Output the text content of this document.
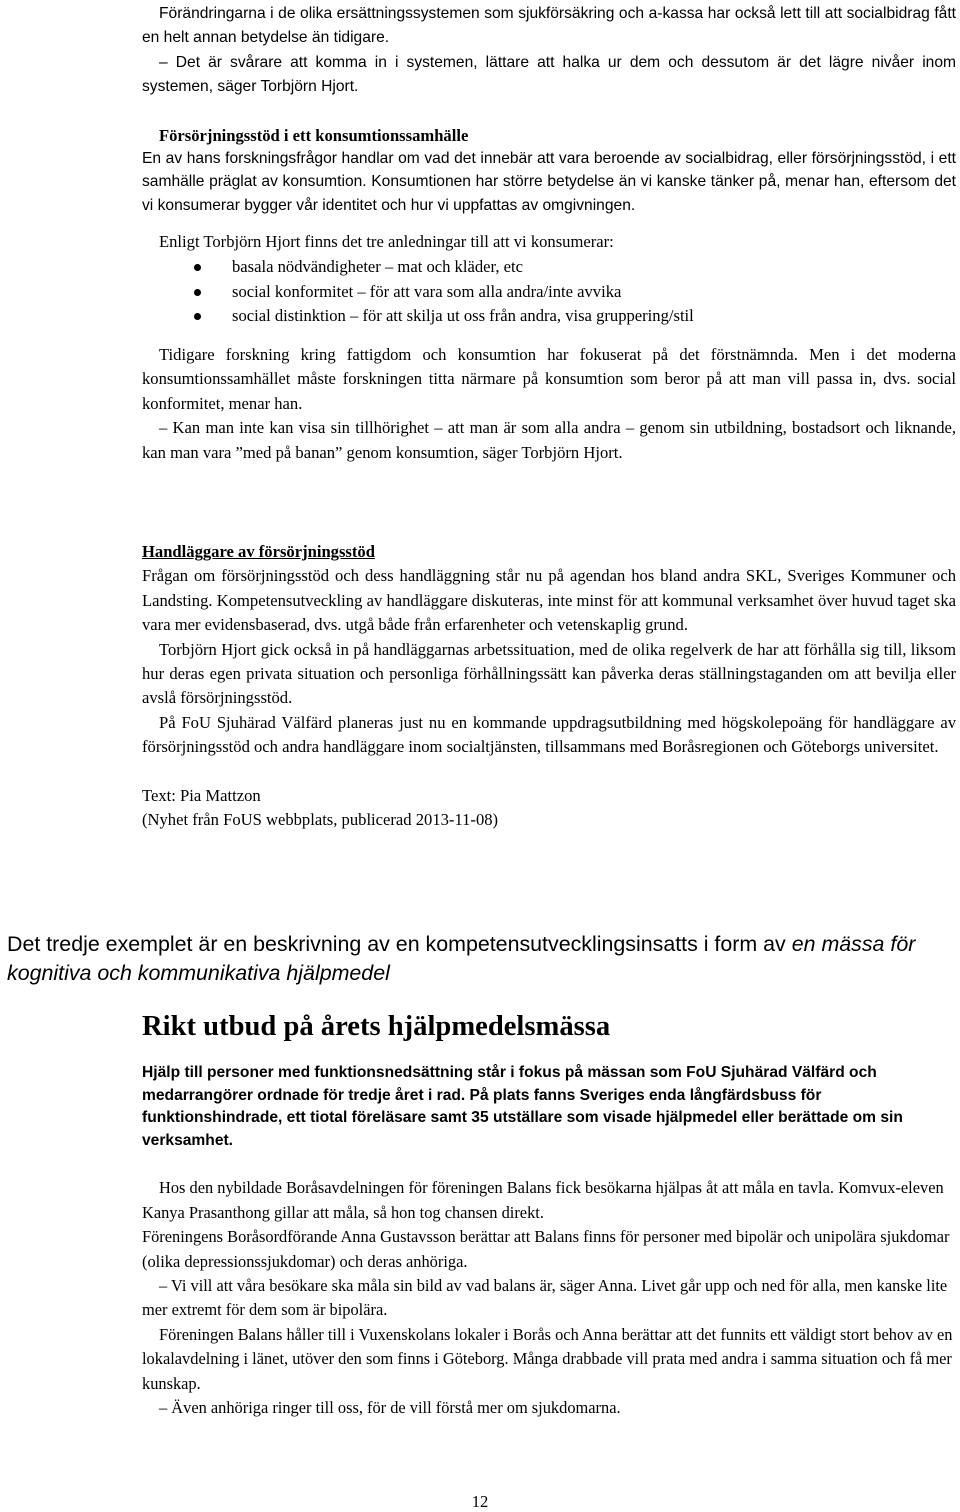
Förändringarna i de olika ersättningssystemen som sjukförsäkring och a-kassa har också lett till att socialbidrag fått en helt annan betydelse än tidigare.

– Det är svårare att komma in i systemen, lättare att halka ur dem och dessutom är det lägre nivåer inom systemen, säger Torbjörn Hjort.

Försörjningsstöd i ett konsumtionssamhälle

En av hans forskningsfrågor handlar om vad det innebär att vara beroende av socialbidrag, eller försörjningsstöd, i ett samhälle präglat av konsumtion. Konsumtionen har större betydelse än vi kanske tänker på, menar han, eftersom det vi konsumerar bygger vår identitet och hur vi uppfattas av omgivningen.

Enligt Torbjörn Hjort finns det tre anledningar till att vi konsumerar:

basala nödvändigheter – mat och kläder, etc
social konformitet – för att vara som alla andra/inte avvika
social distinktion – för att skilja ut oss från andra, visa gruppering/stil

Tidigare forskning kring fattigdom och konsumtion har fokuserat på det förstnämnda. Men i det moderna konsumtionssamhället måste forskningen titta närmare på konsumtion som beror på att man vill passa in, dvs. social konformitet, menar han.

– Kan man inte kan visa sin tillhörighet – att man är som alla andra – genom sin utbildning, bostadsort och liknande, kan man vara ”med på banan” genom konsumtion, säger Torbjörn Hjort.

Handläggare av försörjningsstöd

Frågan om försörjningsstöd och dess handläggning står nu på agendan hos bland andra SKL, Sveriges Kommuner och Landsting. Kompetensutveckling av handläggare diskuteras, inte minst för att kommunal verksamhet över huvud taget ska vara mer evidensbaserad, dvs. utgå både från erfarenheter och vetenskaplig grund.

Torbjörn Hjort gick också in på handläggarnas arbetssituation, med de olika regelverk de har att förhålla sig till, liksom hur deras egen privata situation och personliga förhållningssätt kan påverka deras ställningstaganden om att bevilja eller avslå försörjningsstöd.

På FoU Sjuhärad Välfärd planeras just nu en kommande uppdragsutbildning med högskolepoäng för handläggare av försörjningsstöd och andra handläggare inom socialtjänsten, tillsammans med Boråsregionen och Göteborgs universitet.

Text: Pia Mattzon

(Nyhet från FoUS webbplats, publicerad 2013-11-08)

Det tredje exemplet är en beskrivning av en kompetensutvecklingsinsatts i form av en mässa för kognitiva och kommunikativa hjälpmedel

Rikt utbud på årets hjälpmedelsmässa

Hjälp till personer med funktionsnedsättning står i fokus på mässan som FoU Sjuhärad Välfärd och medarrangörer ordnade för tredje året i rad. På plats fanns Sveriges enda långfärdsbuss för funktionshindrade, ett tiotal föreläsare samt 35 utställare som visade hjälpmedel eller berättade om sin verksamhet.

Hos den nybildade Boråsavdelningen för föreningen Balans fick besökarna hjälpas åt att måla en tavla. Komvux-eleven Kanya Prasanthong gillar att måla, så hon tog chansen direkt.

Föreningens Boråsordförande Anna Gustavsson berättar att Balans finns för personer med bipolär och unipolära sjukdomar (olika depressionssjukdomar) och deras anhöriga.

– Vi vill att våra besökare ska måla sin bild av vad balans är, säger Anna. Livet går upp och ned för alla, men kanske lite mer extremt för dem som är bipolära.

Föreningen Balans håller till i Vuxenskolans lokaler i Borås och Anna berättar att det funnits ett väldigt stort behov av en lokalavdelning i länet, utöver den som finns i Göteborg. Många drabbade vill prata med andra i samma situation och få mer kunskap.

– Även anhöriga ringer till oss, för de vill förstå mer om sjukdomarna.

12
